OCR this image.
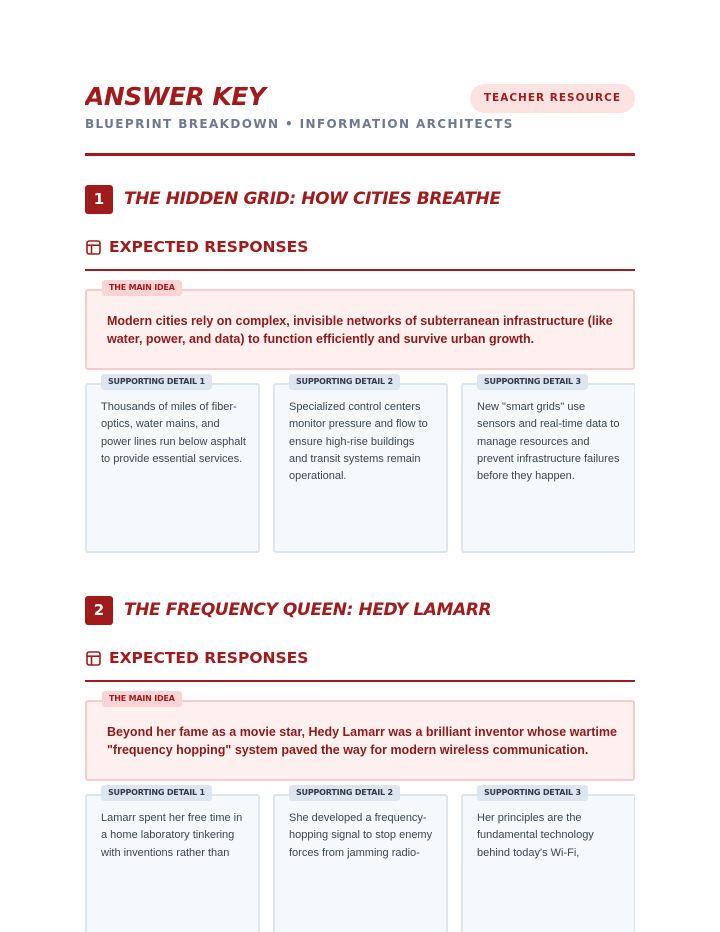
ANSWER KEY
BLUEPRINT BREAKDOWN • INFORMATION ARCHITECTS
TEACHER RESOURCE
1	THE HIDDEN GRID: HOW CITIES BREATHE
EXPECTED RESPONSES
THE MAIN IDEA
Modern cities rely on complex, invisible networks of subterranean infrastructure (like water, power, and data) to function efficiently and survive urban growth.
SUPPORTING DETAIL 1
Thousands of miles of fiber-optics, water mains, and power lines run below asphalt to provide essential services.
SUPPORTING DETAIL 2
Specialized control centers monitor pressure and flow to ensure high-rise buildings and transit systems remain operational.
SUPPORTING DETAIL 3
New "smart grids" use sensors and real-time data to manage resources and prevent infrastructure failures before they happen.
2	THE FREQUENCY QUEEN: HEDY LAMARR
EXPECTED RESPONSES
THE MAIN IDEA
Beyond her fame as a movie star, Hedy Lamarr was a brilliant inventor whose wartime "frequency hopping" system paved the way for modern wireless communication.
SUPPORTING DETAIL 1
Lamarr spent her free time in a home laboratory tinkering with inventions rather than
SUPPORTING DETAIL 2
She developed a frequency-hopping signal to stop enemy forces from jamming radio-
SUPPORTING DETAIL 3
Her principles are the fundamental technology behind today's Wi-Fi,
